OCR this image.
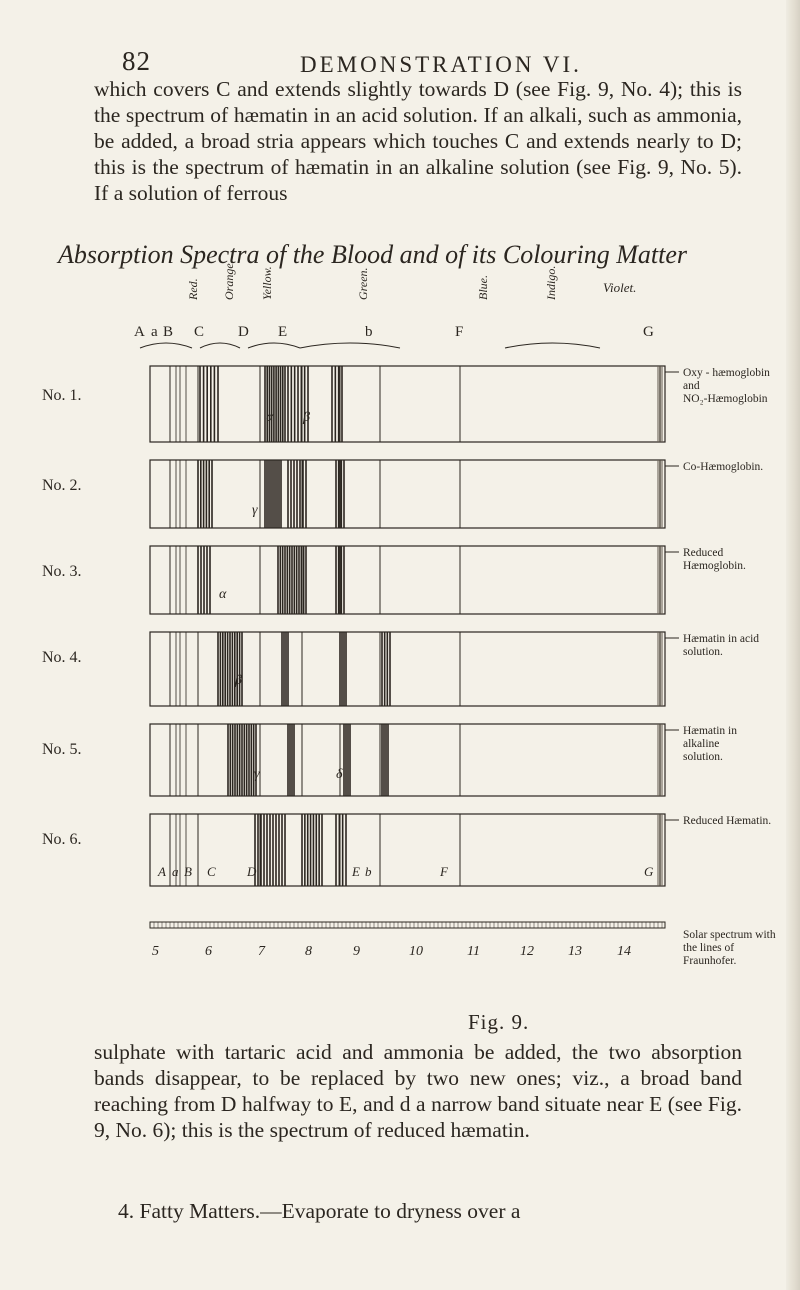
82	DEMONSTRATION VI.
which covers C and extends slightly towards D (see Fig. 9, No. 4); this is the spectrum of hæmatin in an acid solution. If an alkali, such as ammonia, be added, a broad stria appears which touches C and extends nearly to D; this is the spectrum of hæmatin in an alkaline solution (see Fig. 9, No. 5). If a solution of ferrous
Absorption Spectra of the Blood and of its Colouring Matter
Red. Orange. Yellow.	Green.	Blue.	Indigo.	Violet.
A a B C D E	b	F	G
No. 1.
Oxy - hæmoglobin
and
NO₂-Hæmoglobin
No. 2.
Co-Hæmoglobin.
No. 3.
Reduced
Hæmoglobin.
No. 4.
Hæmatin in acid
solution.
No. 5.
Hæmatin in
alkaline
solution.
No. 6.
Reduced Hæmatin.
α β
γ
α
β
γ	δ
A a B C D	E b	F	G
5	6	7	8	9	10	11	12 13	14
Solar spectrum with
the lines of
Fraunhofer.
Fig. 9.
sulphate with tartaric acid and ammonia be added, the two absorption bands disappear, to be replaced by two new ones; viz., a broad band reaching from D halfway to E, and d a narrow band situate near E (see Fig. 9, No. 6); this is the spectrum of reduced hæmatin.
4. Fatty Matters.—Evaporate to dryness over a
